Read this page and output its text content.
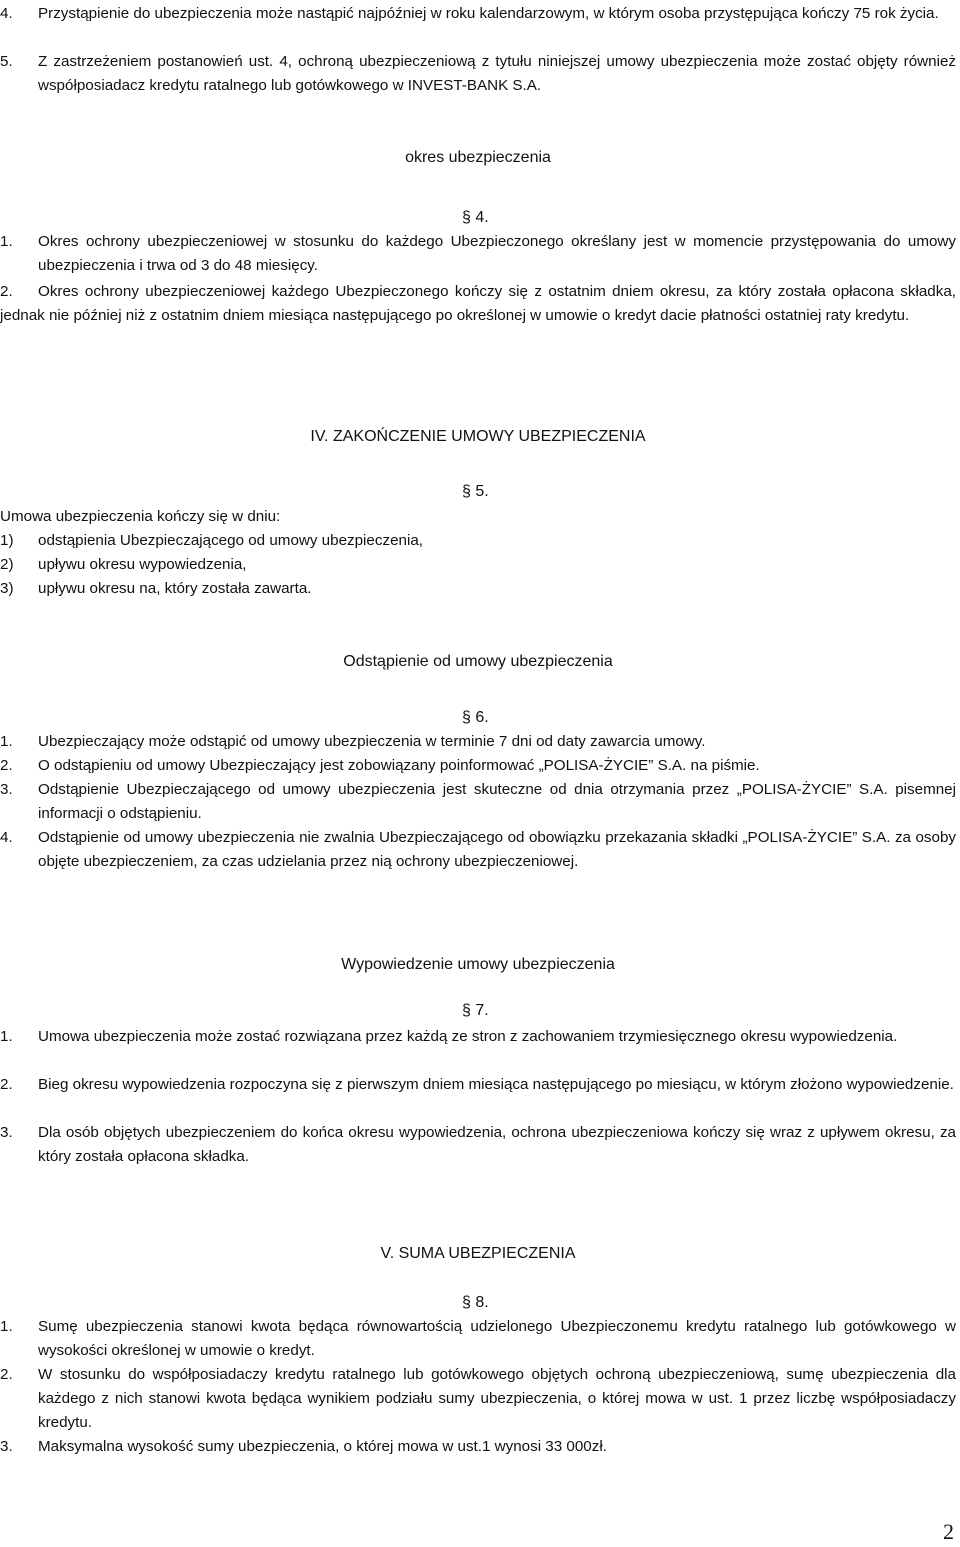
4.	Przystąpienie do ubezpieczenia może nastąpić najpóźniej w roku kalendarzowym, w którym osoba przystępująca kończy 75 rok życia.
5.	Z zastrzeżeniem postanowień ust. 4, ochroną ubezpieczeniową z tytułu niniejszej umowy ubezpieczenia może zostać objęty również współposiadacz kredytu ratalnego lub gotówkowego w INVEST-BANK S.A.
okres ubezpieczenia
§ 4.
1.	Okres ochrony ubezpieczeniowej w stosunku do każdego Ubezpieczonego określany jest w momencie przystępowania do umowy ubezpieczenia i trwa od 3 do 48 miesięcy.
2.	Okres ochrony ubezpieczeniowej każdego Ubezpieczonego kończy się z ostatnim dniem okresu, za który została opłacona składka, jednak nie później niż z ostatnim dniem miesiąca następującego po określonej w umowie o kredyt dacie płatności ostatniej raty kredytu.
IV. ZAKOŃCZENIE UMOWY UBEZPIECZENIA
§ 5.
Umowa ubezpieczenia kończy się w dniu:
1)	odstąpienia Ubezpieczającego od umowy ubezpieczenia,
2)	upływu okresu wypowiedzenia,
3)	upływu okresu na, który została zawarta.
Odstąpienie od umowy ubezpieczenia
§ 6.
1.	Ubezpieczający może odstąpić od umowy ubezpieczenia w terminie 7 dni od daty zawarcia umowy.
2.	O odstąpieniu od umowy Ubezpieczający jest zobowiązany poinformować „POLISA-ŻYCIE” S.A. na piśmie.
3.	Odstąpienie Ubezpieczającego od umowy ubezpieczenia jest skuteczne od dnia otrzymania przez „POLISA-ŻYCIE” S.A. pisemnej informacji o odstąpieniu.
4.	Odstąpienie od umowy ubezpieczenia nie zwalnia Ubezpieczającego od obowiązku przekazania składki „POLISA-ŻYCIE” S.A. za osoby objęte ubezpieczeniem, za czas udzielania przez nią ochrony ubezpieczeniowej.
Wypowiedzenie umowy ubezpieczenia
§ 7.
1.	Umowa ubezpieczenia może zostać rozwiązana przez każdą ze stron z zachowaniem trzymiesięcznego okresu wypowiedzenia.
2.	Bieg okresu wypowiedzenia rozpoczyna się z pierwszym dniem miesiąca następującego po miesiącu, w którym złożono wypowiedzenie.
3.	Dla osób objętych ubezpieczeniem do końca okresu wypowiedzenia, ochrona ubezpieczeniowa kończy się wraz z upływem okresu, za który została opłacona składka.
V. SUMA UBEZPIECZENIA
§ 8.
1.	Sumę ubezpieczenia stanowi kwota będąca równowartością udzielonego Ubezpieczonemu kredytu ratalnego lub gotówkowego w wysokości określonej w umowie o kredyt.
2.	W stosunku do współposiadaczy kredytu ratalnego lub gotówkowego objętych ochroną ubezpieczeniową, sumę ubezpieczenia dla każdego z nich stanowi kwota będąca wynikiem podziału sumy ubezpieczenia, o której mowa w ust. 1 przez liczbę współposiadaczy kredytu.
3.	Maksymalna wysokość sumy ubezpieczenia, o której mowa w ust.1 wynosi 33 000zł.
2
